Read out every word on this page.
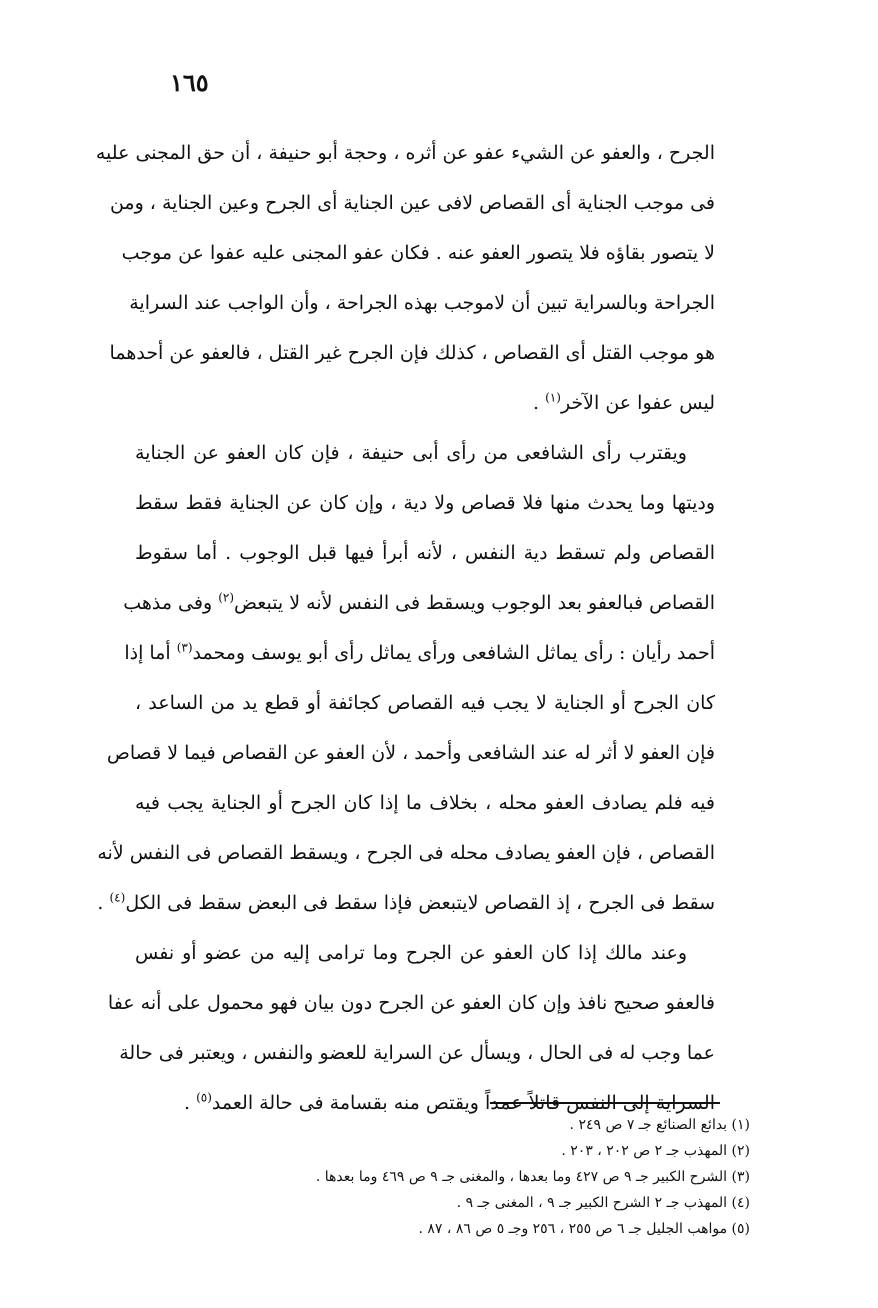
١٦٥
الجرح ، والعفو عن الشيء عفو عن أثره ، وحجة أبو حنيفة ، أن حق المجنى عليه
فى موجب الجناية أى القصاص لافى عين الجناية أى الجرح وعين الجناية ، ومن
لا يتصور بقاؤه فلا يتصور العفو عنه . فكان عفو المجنى عليه عفوا عن موجب
الجراحة وبالسراية تبين أن لاموجب بهذه الجراحة ، وأن الواجب عند السراية
هو موجب القتل أى القصاص ، كذلك فإن الجرح غير القتل ، فالعفو عن أحدهما
ليس عفوا عن الآخر$^{(١)}$ .
ويقترب رأى الشافعى من رأى أبى حنيفة ، فإن كان العفو عن الجناية
وديتها وما يحدث منها فلا قصاص ولا دية ، وإن كان عن الجناية فقط سقط
القصاص ولم تسقط دية النفس ، لأنه أبرأ فيها قبل الوجوب . أما سقوط
القصاص فبالعفو بعد الوجوب ويسقط فى النفس لأنه لا يتبعض$^{(٢)}$ وفى مذهب
أحمد رأيان : رأى يماثل الشافعى ورأى يماثل رأى أبو يوسف ومحمد$^{(٣)}$ أما إذا
كان الجرح أو الجناية لا يجب فيه القصاص كجائفة أو قطع يد من الساعد ،
فإن العفو لا أثر له عند الشافعى وأحمد ، لأن العفو عن القصاص فيما لا قصاص
فيه فلم يصادف العفو محله ، بخلاف ما إذا كان الجرح أو الجناية يجب فيه
القصاص ، فإن العفو يصادف محله فى الجرح ، ويسقط القصاص فى النفس لأنه
سقط فى الجرح ، إذ القصاص لايتبعض فإذا سقط فى البعض سقط فى الكل$^{(٤)}$ .
وعند مالك إذا كان العفو عن الجرح وما ترامى إليه من عضو أو نفس
فالعفو صحيح نافذ وإن كان العفو عن الجرح دون بيان فهو محمول على أنه عفا
عما وجب له فى الحال ، ويسأل عن السراية للعضو والنفس ، ويعتبر فى حالة
السراية إلى النفس قاتلاً عمداً ويقتص منه بقسامة فى حالة العمد$^{(٥)}$ .
(١) بدائع الصنائع جـ ٧ ص ٢٤٩ .
(٢) المهذب جـ ٢ ص ٢٠٢ ، ٢٠٣ .
(٣) الشرح الكبير جـ ٩ ص ٤٢٧ وما بعدها ، والمغنى جـ ٩ ص ٤٦٩ وما بعدها .
(٤) المهذب جـ ٢ الشرح الكبير جـ ٩ ، المغنى جـ ٩ .
(٥) مواهب الجليل جـ ٦ ص ٢٥٥ ، ٢٥٦ وجـ ٥ ص ٨٦ ، ٨٧ .
